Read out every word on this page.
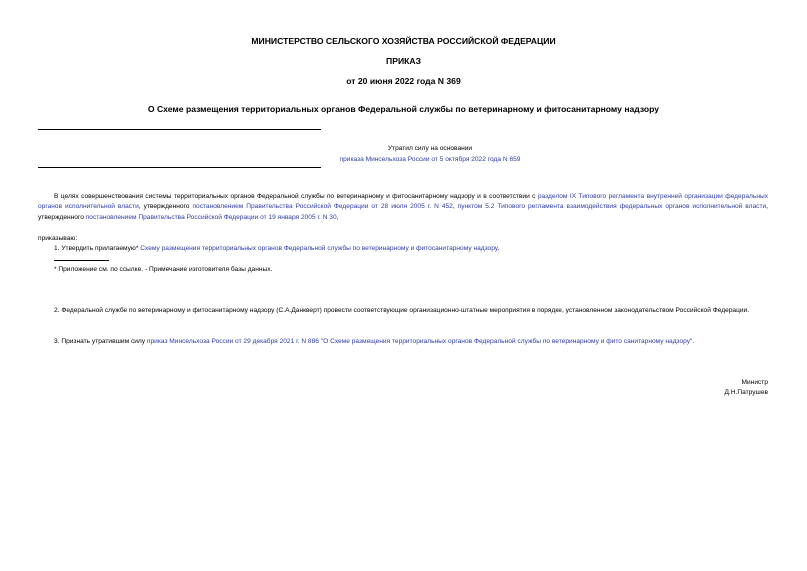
МИНИСТЕРСТВО СЕЛЬСКОГО ХОЗЯЙСТВА РОССИЙСКОЙ ФЕДЕРАЦИИ
ПРИКАЗ
от 20 июня 2022 года N 369
О Схеме размещения территориальных органов Федеральной службы по ветеринарному и фитосанитарному надзору
Утратил силу на основании
приказа Минсельхоза России от 5 октября 2022 года N 659
В целях совершенствования системы территориальных органов Федеральной службы по ветеринарному и фитосанитарному надзору и в соответствии с разделом IX Типового регламента внутренней организации федеральных органов исполнительной власти, утвержденного постановлением Правительства Российской Федерации от 28 июля 2005 г. N 452, пунктом 5.2 Типового регламента взаимодействия федеральных органов исполнительной власти, утвержденного постановлением Правительства Российской Федерации от 19 января 2005 г. N 30,
приказываю:
1. Утвердить прилагаемую* Схему размещения территориальных органов Федеральной службы по ветеринарному и фитосанитарному надзору.
* Приложение см. по ссылке. - Примечание изготовителя базы данных.
2. Федеральной службе по ветеринарному и фитосанитарному надзору (С.А.Данкверт) провести соответствующие организационно-штатные мероприятия в порядке, установленном законодательством Российской Федерации.
3. Признать утратившим силу приказ Минсельхоза России от 29 декабря 2021 г. N 886 "О Схеме размещения территориальных органов Федеральной службы по ветеринарному и фито санитарному надзору".
Министр
Д.Н.Патрушев
